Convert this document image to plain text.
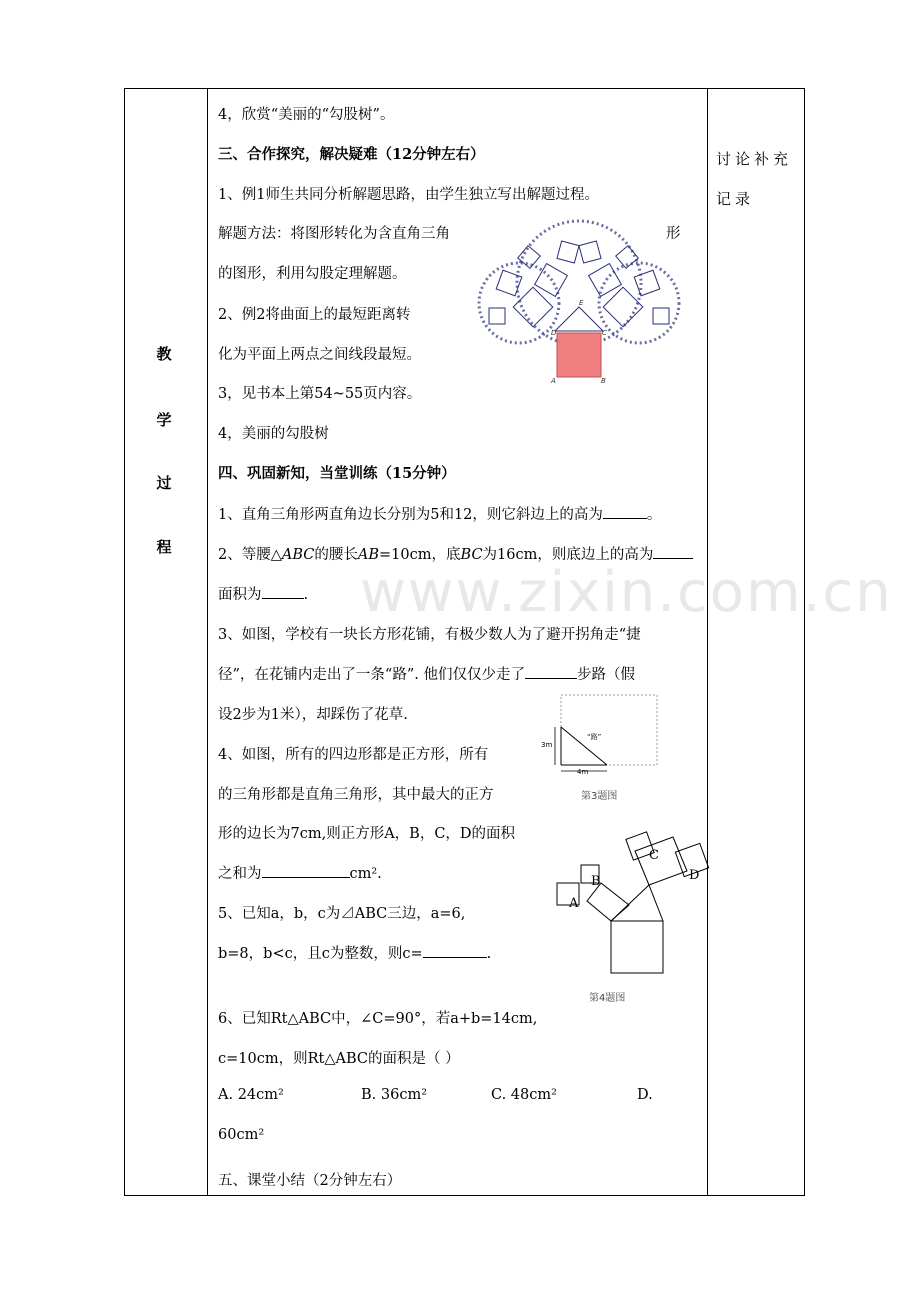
www.zixin.com.cn
教
学
过
程
讨论补充
记录
4，欣赏“美丽的“勾股树”。
三、合作探究，解决疑难（12分钟左右）
1、例1师生共同分析解题思路，由学生独立写出解题过程。
解题方法：将图形转化为含直角三角	形
的图形，利用勾股定理解题。
2、例2将曲面上的最短距离转
化为平面上两点之间线段最短。
3，见书本上第54~55页内容。
4，美丽的勾股树
四、巩固新知，当堂训练（15分钟）
1、直角三角形两直角边长分别为5和12，则它斜边上的高为	。
2、等腰△ABC的腰长AB=10cm，底BC为16cm，则底边上的高为
面积为	.
3、如图，学校有一块长方形花铺，有极少数人为了避开拐角走“捷
径”，在花铺内走出了一条“路”. 他们仅仅少走了	步路（假
设2步为1米），却踩伤了花草.
4、如图，所有的四边形都是正方形，所有
的三角形都是直角三角形，其中最大的正方
形的边长为7cm,则正方形A，B，C，D的面积
之和为	cm².
5、已知a，b，c为⊿ABC三边，a=6,
b=8，b<c，且c为整数，则c=	.
6、已知Rt△ABC中，∠C=90°，若a+b=14cm,
c=10cm，则Rt△ABC的面积是（ ）
A. 24cm²	B. 36cm²	C. 48cm²	D.
60cm²
五、课堂小结（2分钟左右）
A	B
C
D
E
3m
4m
“路”
第3题图
A
B
C
D
第4题图
